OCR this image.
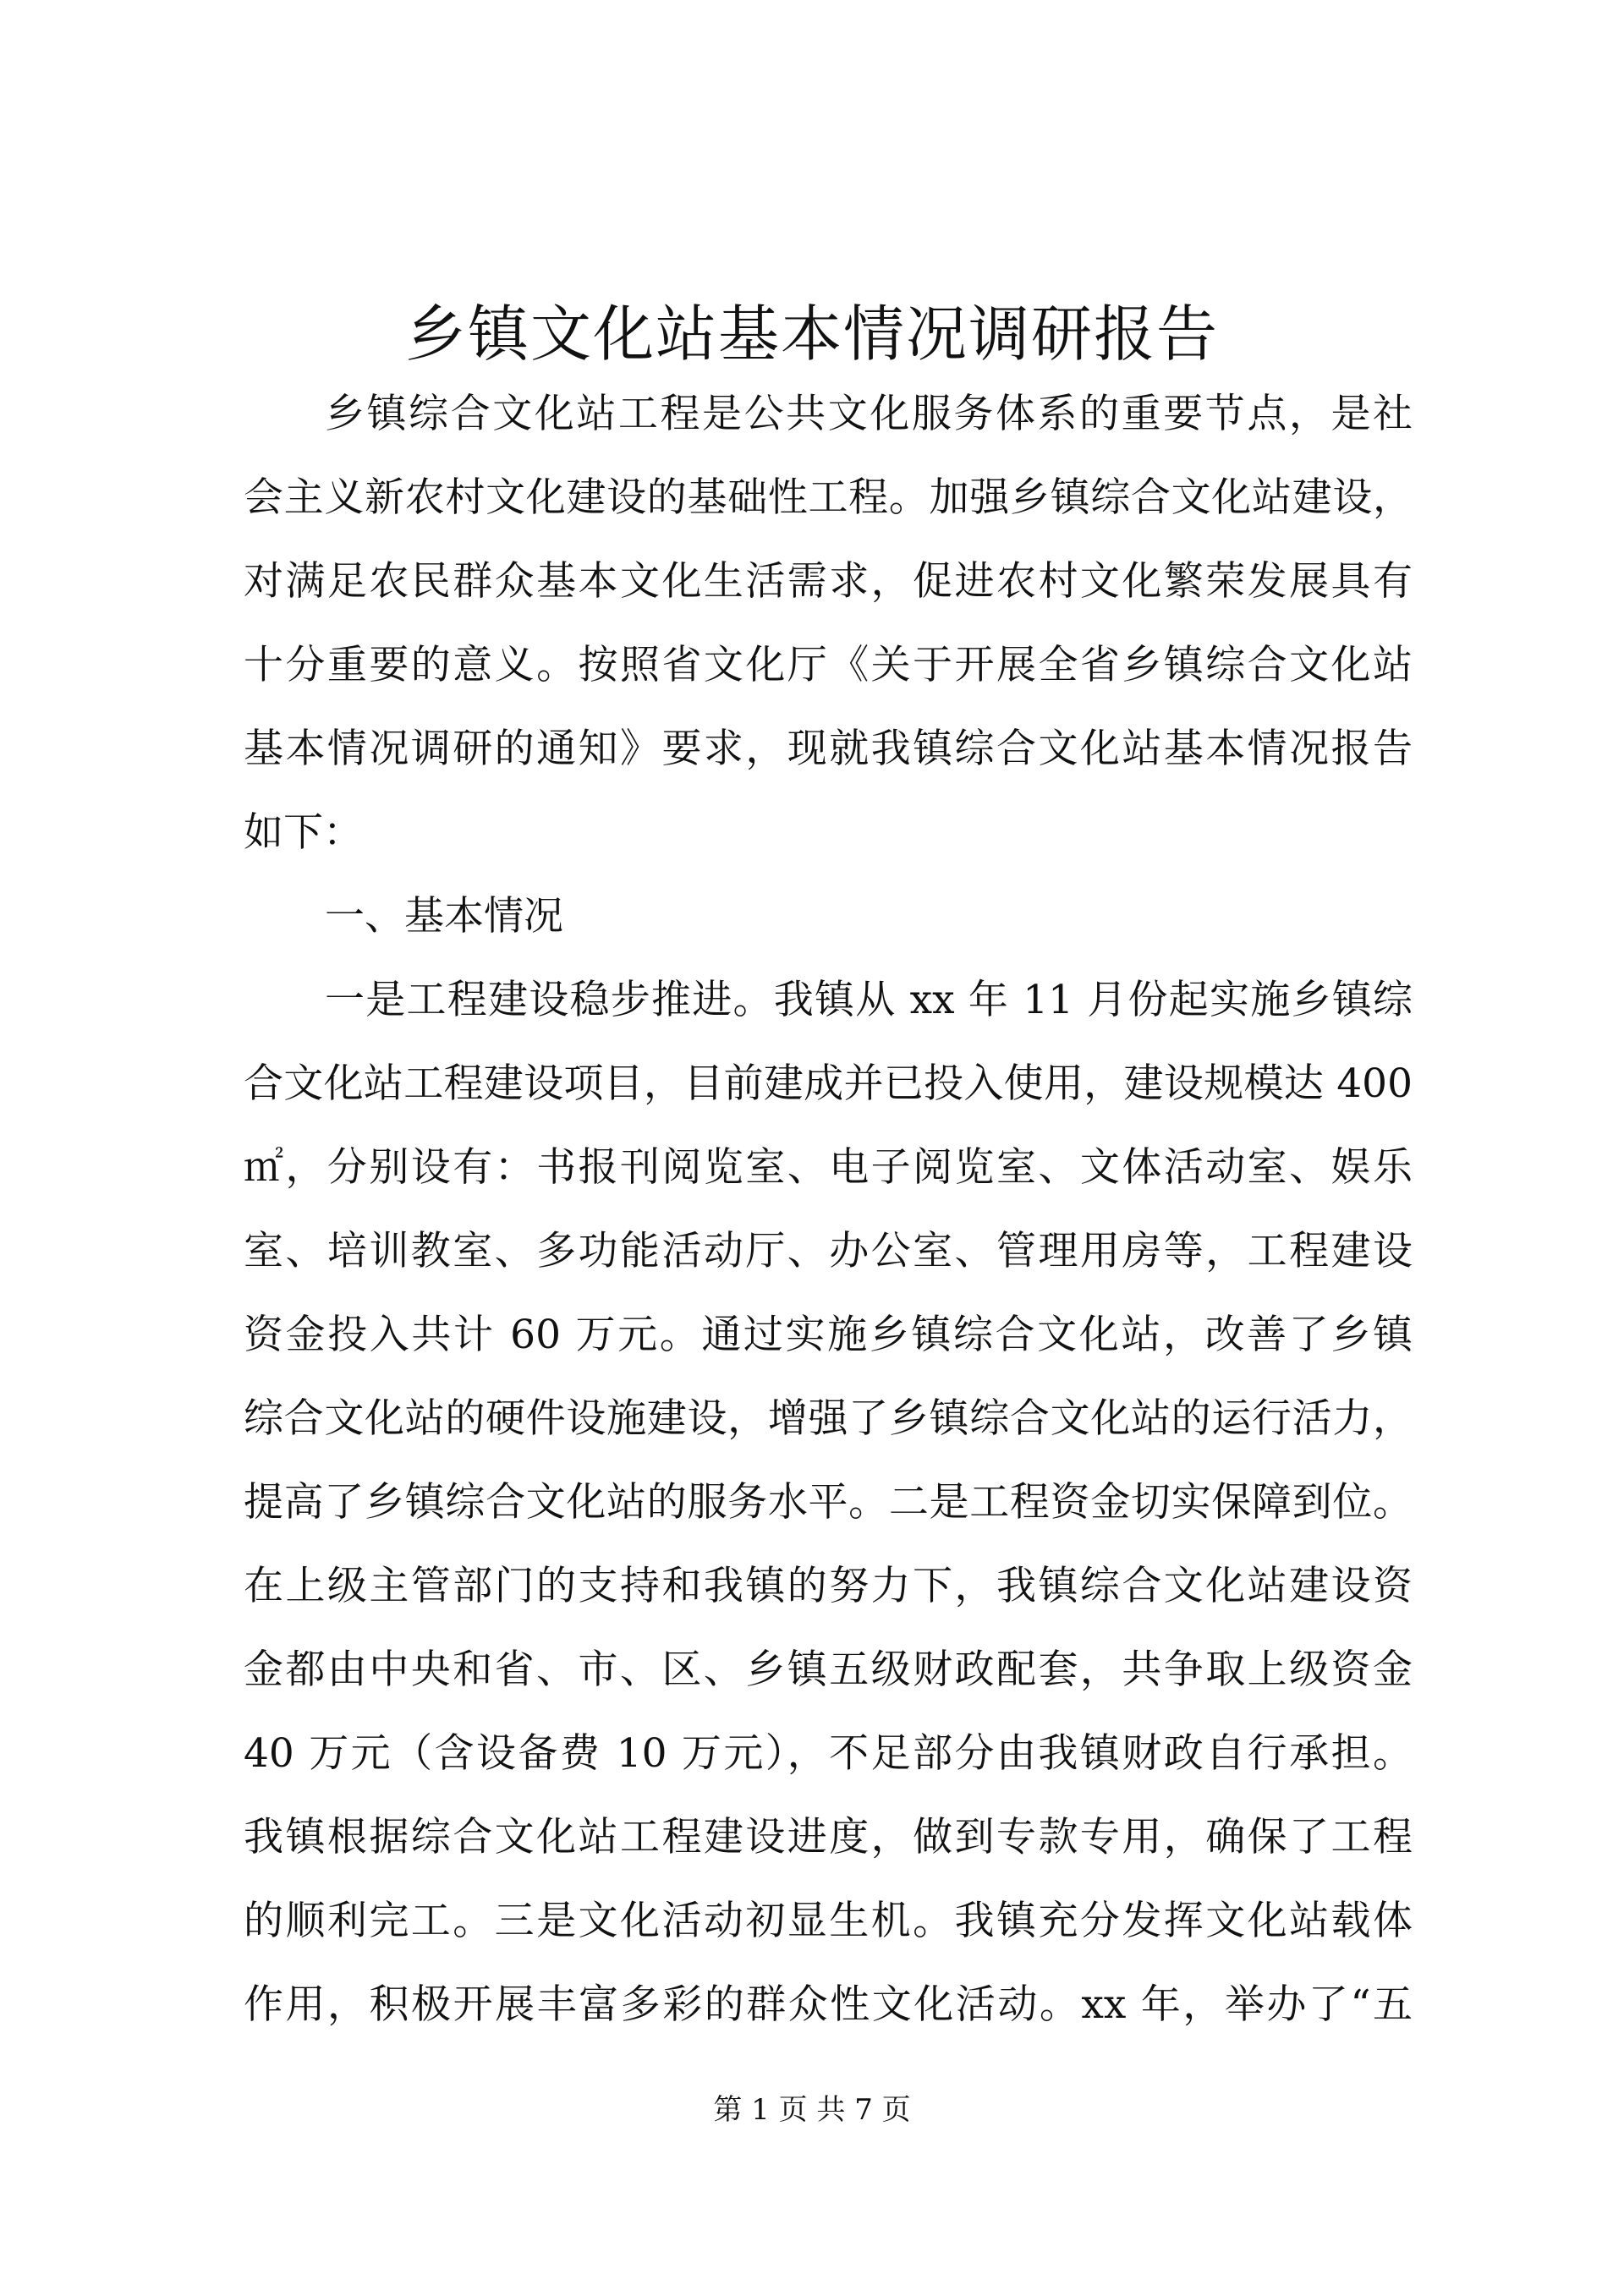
乡镇文化站基本情况调研报告
乡镇综合文化站工程是公共文化服务体系的重要节点，是社
会主义新农村文化建设的基础性工程。加强乡镇综合文化站建设，
对满足农民群众基本文化生活需求，促进农村文化繁荣发展具有
十分重要的意义。按照省文化厅《关于开展全省乡镇综合文化站
基本情况调研的通知》要求，现就我镇综合文化站基本情况报告
如下：
一、基本情况
一是工程建设稳步推进。我镇从 xx 年 11 月份起实施乡镇综
合文化站工程建设项目，目前建成并已投入使用，建设规模达 400
㎡，分别设有：书报刊阅览室、电子阅览室、文体活动室、娱乐
室、培训教室、多功能活动厅、办公室、管理用房等，工程建设
资金投入共计 60 万元。通过实施乡镇综合文化站，改善了乡镇
综合文化站的硬件设施建设，增强了乡镇综合文化站的运行活力，
提高了乡镇综合文化站的服务水平。二是工程资金切实保障到位。
在上级主管部门的支持和我镇的努力下，我镇综合文化站建设资
金都由中央和省、市、区、乡镇五级财政配套，共争取上级资金
40 万元（含设备费 10 万元），不足部分由我镇财政自行承担。
我镇根据综合文化站工程建设进度，做到专款专用，确保了工程
的顺利完工。三是文化活动初显生机。我镇充分发挥文化站载体
作用，积极开展丰富多彩的群众性文化活动。xx 年，举办了“五
第 1 页 共 7 页
